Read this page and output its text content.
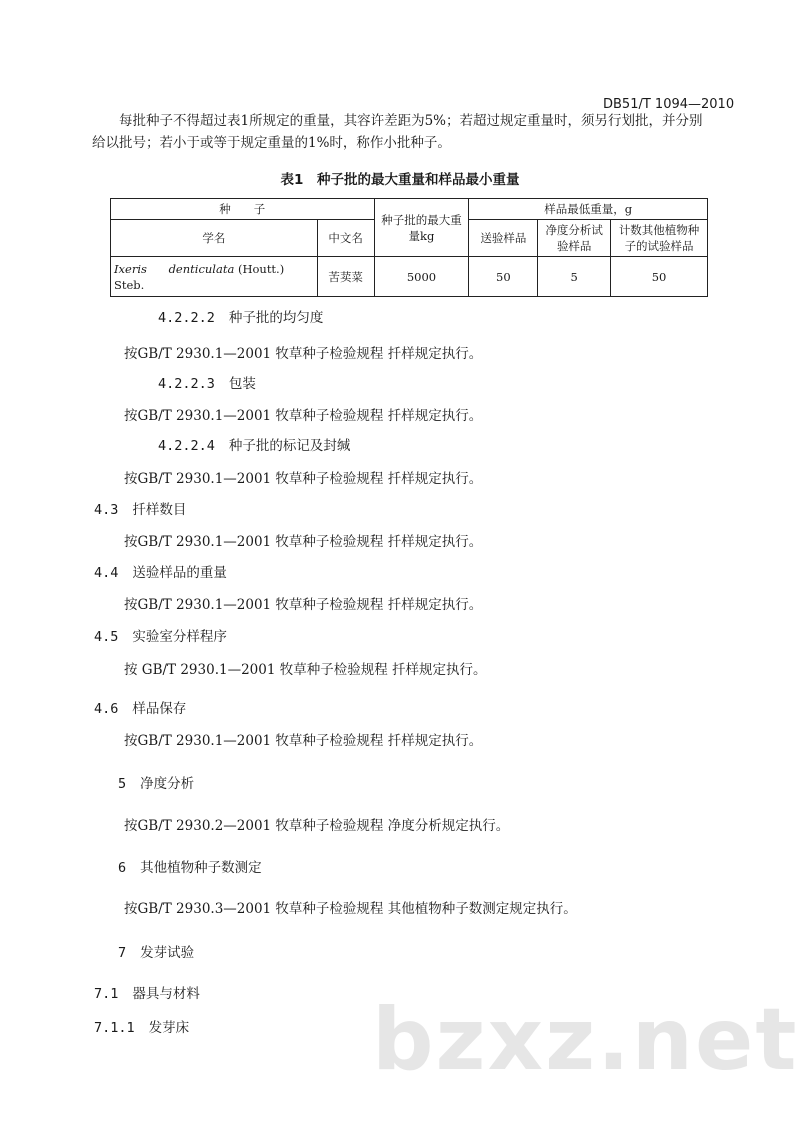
DB51/T 1094—2010
每批种子不得超过表1所规定的重量，其容许差距为5%；若超过规定重量时，须另行划批，并分别给以批号；若小于或等于规定重量的1%时，称作小批种子。
表1　种子批的最大重量和样品最小重量
种　　子		种子批的最大重量kg	样品最低重量，g		
学名	中文名		送验样品	净度分析试验样品	计数其他植物种子的试验样品
Ixeris denticulata (Houtt.) Steb.	苦荬菜	5000	50	5	50
4.2.2.2 种子批的均匀度
按GB/T 2930.1—2001 牧草种子检验规程 扦样规定执行。
4.2.2.3 包装
按GB/T 2930.1—2001 牧草种子检验规程 扦样规定执行。
4.2.2.4 种子批的标记及封缄
按GB/T 2930.1—2001 牧草种子检验规程 扦样规定执行。
4.3 扦样数目
按GB/T 2930.1—2001 牧草种子检验规程 扦样规定执行。
4.4 送验样品的重量
按GB/T 2930.1—2001 牧草种子检验规程 扦样规定执行。
4.5 实验室分样程序
按 GB/T 2930.1—2001 牧草种子检验规程 扦样规定执行。
4.6 样品保存
按GB/T 2930.1—2001 牧草种子检验规程 扦样规定执行。
5 净度分析
按GB/T 2930.2—2001 牧草种子检验规程 净度分析规定执行。
6 其他植物种子数测定
按GB/T 2930.3—2001 牧草种子检验规程 其他植物种子数测定规定执行。
7 发芽试验
7.1 器具与材料
7.1.1 发芽床 bzxz.net
